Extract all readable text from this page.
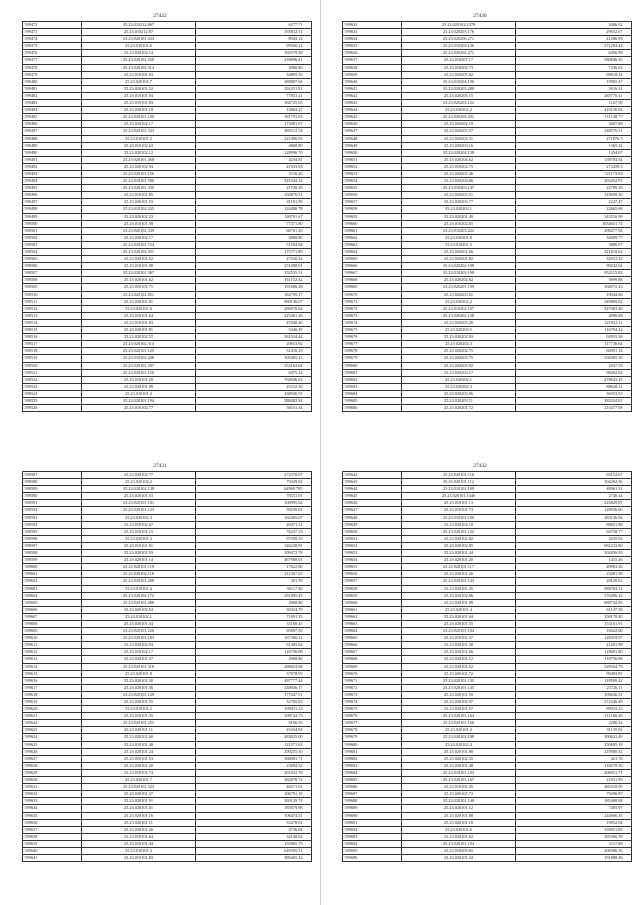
27422
599472	25.23.010212.867	6277.71
599473	25.23.010212.87	165812.11
599474	25.23.020101.433	8943.12
599475	25.23.010101.6	99560.24
599476	25.23.020102.14	165579.38
599477	25.23.020101.558	239696.41
599478	25.23.020102.314	4968.86
599479	25.23.010101.93	34895.35
599480	25.23.020101.7	288807.04
599481	25.23.020101.52	292251.81
599482	25.23.010101.04	77851.21
599483	25.23.010101.83	164725.63
599484	25.23.020101.18	13864.27
599485	25.23.020101.100	181791.03
599486	25.23.020102.17	173081.97
599487	25.23.020101.333	385512.54
599488	25.23.010101.2	221496.05
599489	25.23.010102.63	4868.80
599490	25.23.020102.12	128996.70
599491	25.23.020101.468	4234.81
599492	25.23.020102.94	41933.83
599493	25.23.020101.156	5116.26
599494	25.23.010101.506	345344.14
599495	25.23.020101.330	21728.58
599496	25.23.010101.85	250870.51
599497	25.23.020101.53	41161.99
599498	25.23.010102.335	124486.78
599499	25.23.020102.23	199791.67
599500	25.23.010101.58	77471.80
599501	25.23.020102.339	66761.26
599502	25.23.020102.17	4868.80
599503	25.23.020101.724	51504.68
599504	25.23.020102.351	175771.89
599505	25.23.020101.52	27216.22
599506	25.23.010101.08	251098.61
599507	25.23.020101.367	152535.51
599508	25.23.020101.62	161152.42
599509	25.23.010101.71	191886.28
599510	25.23.020101.851	182795.17
599511	25.23.020102.81	960136.67
599512	25.23.020101.6	286976.64
599513	25.23.010101.64	225461.26
599514	25.23.010101.83	47848.46
599515	25.23.020101.81	5446.49
599516	25.23.020102.57	561934.44
599517	25.23.020102.314	20613.92
599518	25.23.020101.125	31416.23
599519	25.23.010102.208	105465.13
599520	25.23.020101.297	253164.64
599521	25.23.020101.156	6475.22
599522	25.23.010101.20	764946.63
599523	25.23.020101.99	25232.39
599524	25.23.010101.2	438036.53
599525	25.23.020101.194	288482.94
599526	25.23.010102.77	36531.34
27431
599587	25.23.020102.77	272370.07
599588	25.23.020102.2	79429.02
599589	25.23.020102.138	64969.785
599590	25.23.020101.53	78331.01
599591	25.23.020101.101	100995.64
599592	25.23.020101.123	59239.81
599593	25.23.020102.3	162465.67
599594	25.23.010102.67	40471.31
599595	25.23.010101.15	76237.53
599596	25.23.020101.3	97458.33
599597	25.23.010101.91	346228.81
599598	25.23.020101.93	109472.78
599599	25.23.020101.14	467908.03
599600	25.23.020101.119	17622.80
599601	25.23.020102.118	211367.65
599602	25.23.020101.208	401.59
599603	25.23.010101.4	38117.46
599604	25.23.020102.172	291895.43
599605	25.23.020101.288	4968.80
599606	25.23.020102.54	30324.79
599607	25.23.010102.1	71891.35
599608	25.23.020101.44	33168.45
599609	25.23.020101.228	95897.39
599610	25.23.020101.183	167366.31
599611	25.23.020102.94	91485.64
599612	25.23.010102.17	116756.08
599613	25.23.020101.37	4968.80
599614	25.23.020101.318	286653.68
599615	25.23.020101.8	37878.93
599616	25.23.020101.30	497777.44
599617	25.23.020101.36	238836.17
599618	25.23.020101.129	177047.51
599619	25.23.020101.55	32785.83
599620	25.23.010101.2	109411.23
599621	25.23.010101.35	108744.73
599622	25.23.020101.255	9166.55
599623	25.23.020101.11	45434.63
599624	25.23.020101.60	283825.00
599625	25.23.010101.40	121571.63
599626	25.23.020101.24	290255.50
599627	25.23.010101.53	368081.71
599628	25.23.020101.20	23694.32
599629	25.23.010101.74	291052.78
599630	25.23.020101.7	382878.72
599631	25.23.020101.323	40271.01
599632	25.23.020101.37	106791.18
599633	25.23.020101.91	369129.74
599634	25.23.020101.01	185879.98
599635	25.23.020101.16	106474.51
599636	25.23.020101.11	33478.61
599637	25.23.020101.26	4736.84
599638	25.23.010101.64	34148.02
599639	25.23.010101.44	155865.79
599640	25.23.010101.3	649395.51
599641	25.23.010101.83	389465.32
27430
599632	25.23.020102.1378	3406.92
599633	25.23.020203.176	29652.67
599634	25.23.020206.271	41286.93
599635	25.23.010203.136	271284.42
599636	25.23.020202.271	6456.98
599637	25.23.010207.17	580846.35
599638	25.23.010202.73	7236.63
599639	25.23.020205.62	69618.34
599640	25.23.010204.136	19965.37
599641	25.23.020203.288	2616.31
599642	25.23.020205.15	285770.41
599643	25.23.020203.122	1167.58
599644	25.23.020201.2	416130.84
599645	25.23.020203.331	111148.77
599646	25.23.020202.19	3607.89
599647	25.23.020203.57	248576.31
599648	25.23.020203.31	271876.5
599649	25.23.020203.16	1365.22
599650	25.23.020204.138	1454.07
599651	25.23.020204.62	158704.34
599652	25.23.010202.75	273459.3
599653	25.23.020205.46	721173.83
599654	25.23.020204.66	293452.91
599655	25.23.010203.147	22789.18
599656	25.23.020203.51	318699.30
599657	25.23.020203.77	2247.47
599658	25.23.020203.1	22665.68
599659	25.23.020201.49	343516.99
599660	25.23.010202.65	1634651.74
599661	25.23.010203.222	498477.94
599662	25.23.020201.8	34689.77
599663	25.23.010201.5	3886.07
599664	25.23.020201.66	321818.62
599665	25.23.020201.82	32931.32
599666	25.23.020202.198	98242.64
599667	25.23.010203.198	852115.82
599668	25.23.020202.62	5699.88
599669	25.23.020201.199	164972.43
599670	25.23.020203.61	19044.66
599671	25.23.020201.2	549869.82
599672	25.23.010202.167	347003.48
599673	25.23.020202.138	4096.68
599674	25.23.020203.20	221932.11
599675	25.23.020203.5	116794.22
599676	25.23.020202.93	92055.38
599677	25.23.020202.3	117736.64
599678	25.23.020202.75	60091.14
599679	25.23.020203.75	358485.39
599680	25.23.020203.92	2837.55
599681	25.23.020203.17	98492.02
599682	25.23.020202.1	278643.43
599683	25.23.020202.3	88628.21
599684	25.23.020203.96	36953.53
599685	25.23.020203.11	383324.81
599686	25.23.020201.72	213477.58
27432
599642	25.23.020101.116	63152.67
599643	25.23.020101.112	104262.36
599644	25.23.010101.109	48961.51
599645	25.23.020101.1446	2740.44
599646	25.23.010101.13	223829.87
599647	25.23.010101.73	128936.60
599648	25.23.010101.100	283136.94
599649	25.23.020102.18	88651.88
599650	25.23.020101.122	64758.77
599651	25.23.020102.82	2635.92
599652	25.23.020102.85	692233.80
599653	25.23.020101.44	102856.93
599654	25.23.020101.20	1415.26
599655	25.23.020101.117	49903.36
599656	25.23.020101.26	23281.58
599657	25.23.020101.143	28129.61
599658	25.23.020101.35	880763.11
599659	25.23.020102.66	376496.12
599660	25.23.020101.99	888742.85
599661	25.23.020101.4	61147.58
599662	25.23.020101.64	358178.40
599663	25.23.020101.55	153161.91
599664	25.23.020101.104	16022.60
599665	25.23.010102.37	128419.97
599666	25.23.020101.38	41201.98
599667	25.23.020101.66	118601.80
599668	25.23.020101.12	118756.68
599669	25.23.020101.52	528564.79
599670	25.23.020101.72	99483.85
599671	25.23.020101.135	118500.42
599672	25.23.020101.145	23726.11
599673	25.23.020101.59	196636.31
599674	25.23.020102.97	272346.49
599675	25.23.020101.57	89923.23
599676	25.23.020101.164	111166.26
599677	25.23.020101.166	2286.22
599678	25.23.020101.2	31135.92
599679	25.23.020101.109	390621.49
599680	25.23.020102.4	250685.18
599681	25.23.020101.88	219980.52
599682	25.23.020102.35	421.76
599683	25.23.020101.48	118278.39
599684	25.23.010101.103	406051.71
599685	25.23.020101.167	21831.99
599686	25.23.010101.35	385318.09
599687	25.23.020101.73	79296.87
599688	25.23.020101.148	185468.68
599689	25.23.020101.12	7405.97
599690	25.23.020101.88	244666.35
599691	25.23.020101.18	19052.94
599692	25.23.020101.6	339051.85
599693	25.23.020101.62	395366.39
599694	25.23.020101.104	1117.89
599695	25.23.010205.65	206586.16
599696	25.23.020101.24	191888.26
